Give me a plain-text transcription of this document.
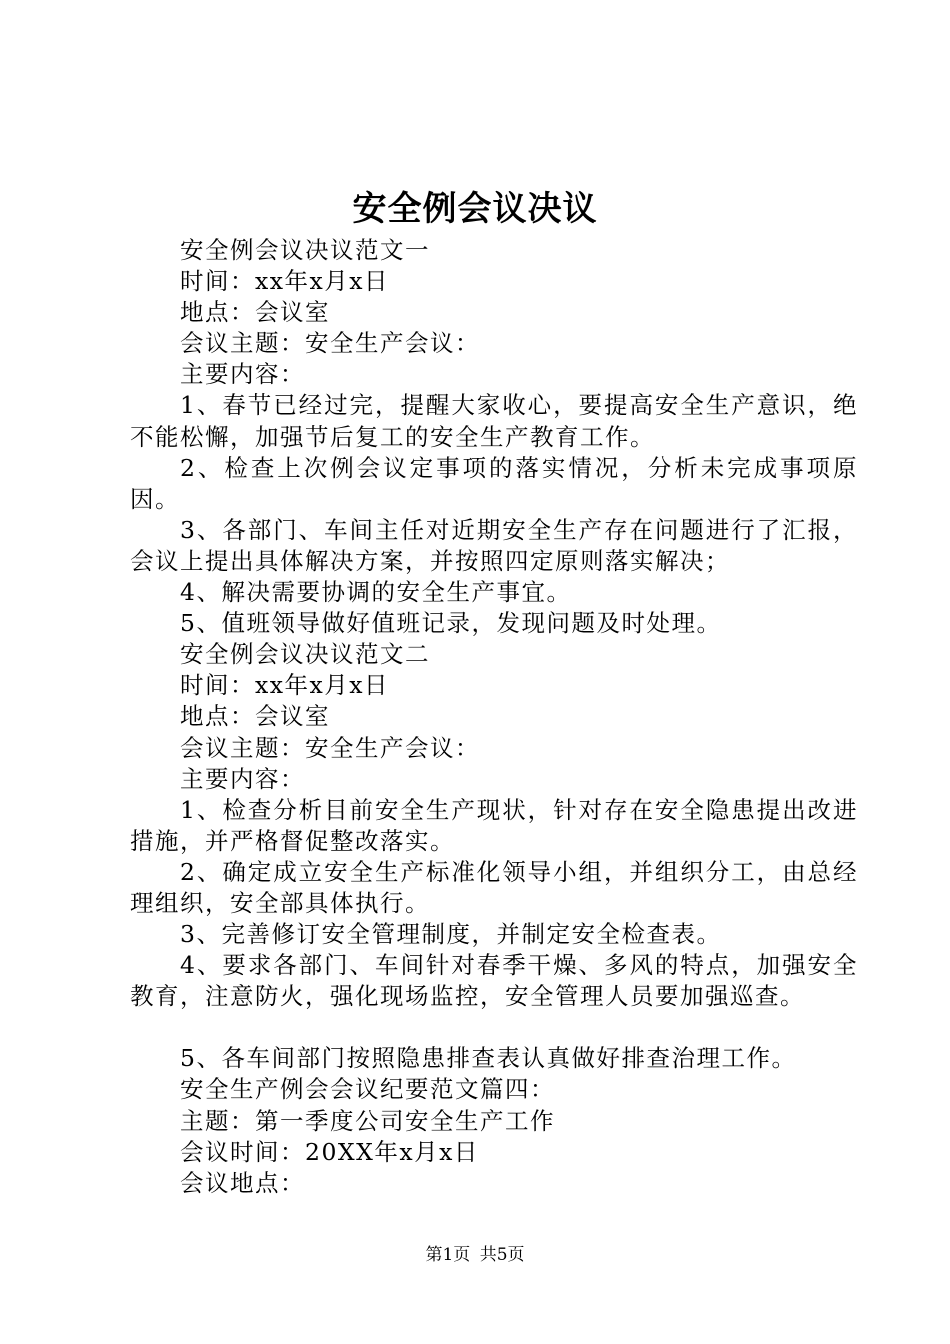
安全例会议决议

安全例会议决议范文一

时间：xx年x月x日

地点：会议室

会议主题：安全生产会议：

主要内容：

1、春节已经过完，提醒大家收心，要提高安全生产意识，绝不能松懈，加强节后复工的安全生产教育工作。

2、检查上次例会议定事项的落实情况，分析未完成事项原因。

3、各部门、车间主任对近期安全生产存在问题进行了汇报，会议上提出具体解决方案，并按照四定原则落实解决；

4、解决需要协调的安全生产事宜。

5、值班领导做好值班记录，发现问题及时处理。

安全例会议决议范文二

时间：xx年x月x日

地点：会议室

会议主题：安全生产会议：

主要内容：

1、检查分析目前安全生产现状，针对存在安全隐患提出改进措施，并严格督促整改落实。

2、确定成立安全生产标准化领导小组，并组织分工，由总经理组织，安全部具体执行。

3、完善修订安全管理制度，并制定安全检查表。

4、要求各部门、车间针对春季干燥、多风的特点，加强安全教育，注意防火，强化现场监控，安全管理人员要加强巡查。

5、各车间部门按照隐患排查表认真做好排查治理工作。

安全生产例会会议纪要范文篇四：

主题：第一季度公司安全生产工作

会议时间：20XX年x月x日

会议地点：

第1页 共5页
